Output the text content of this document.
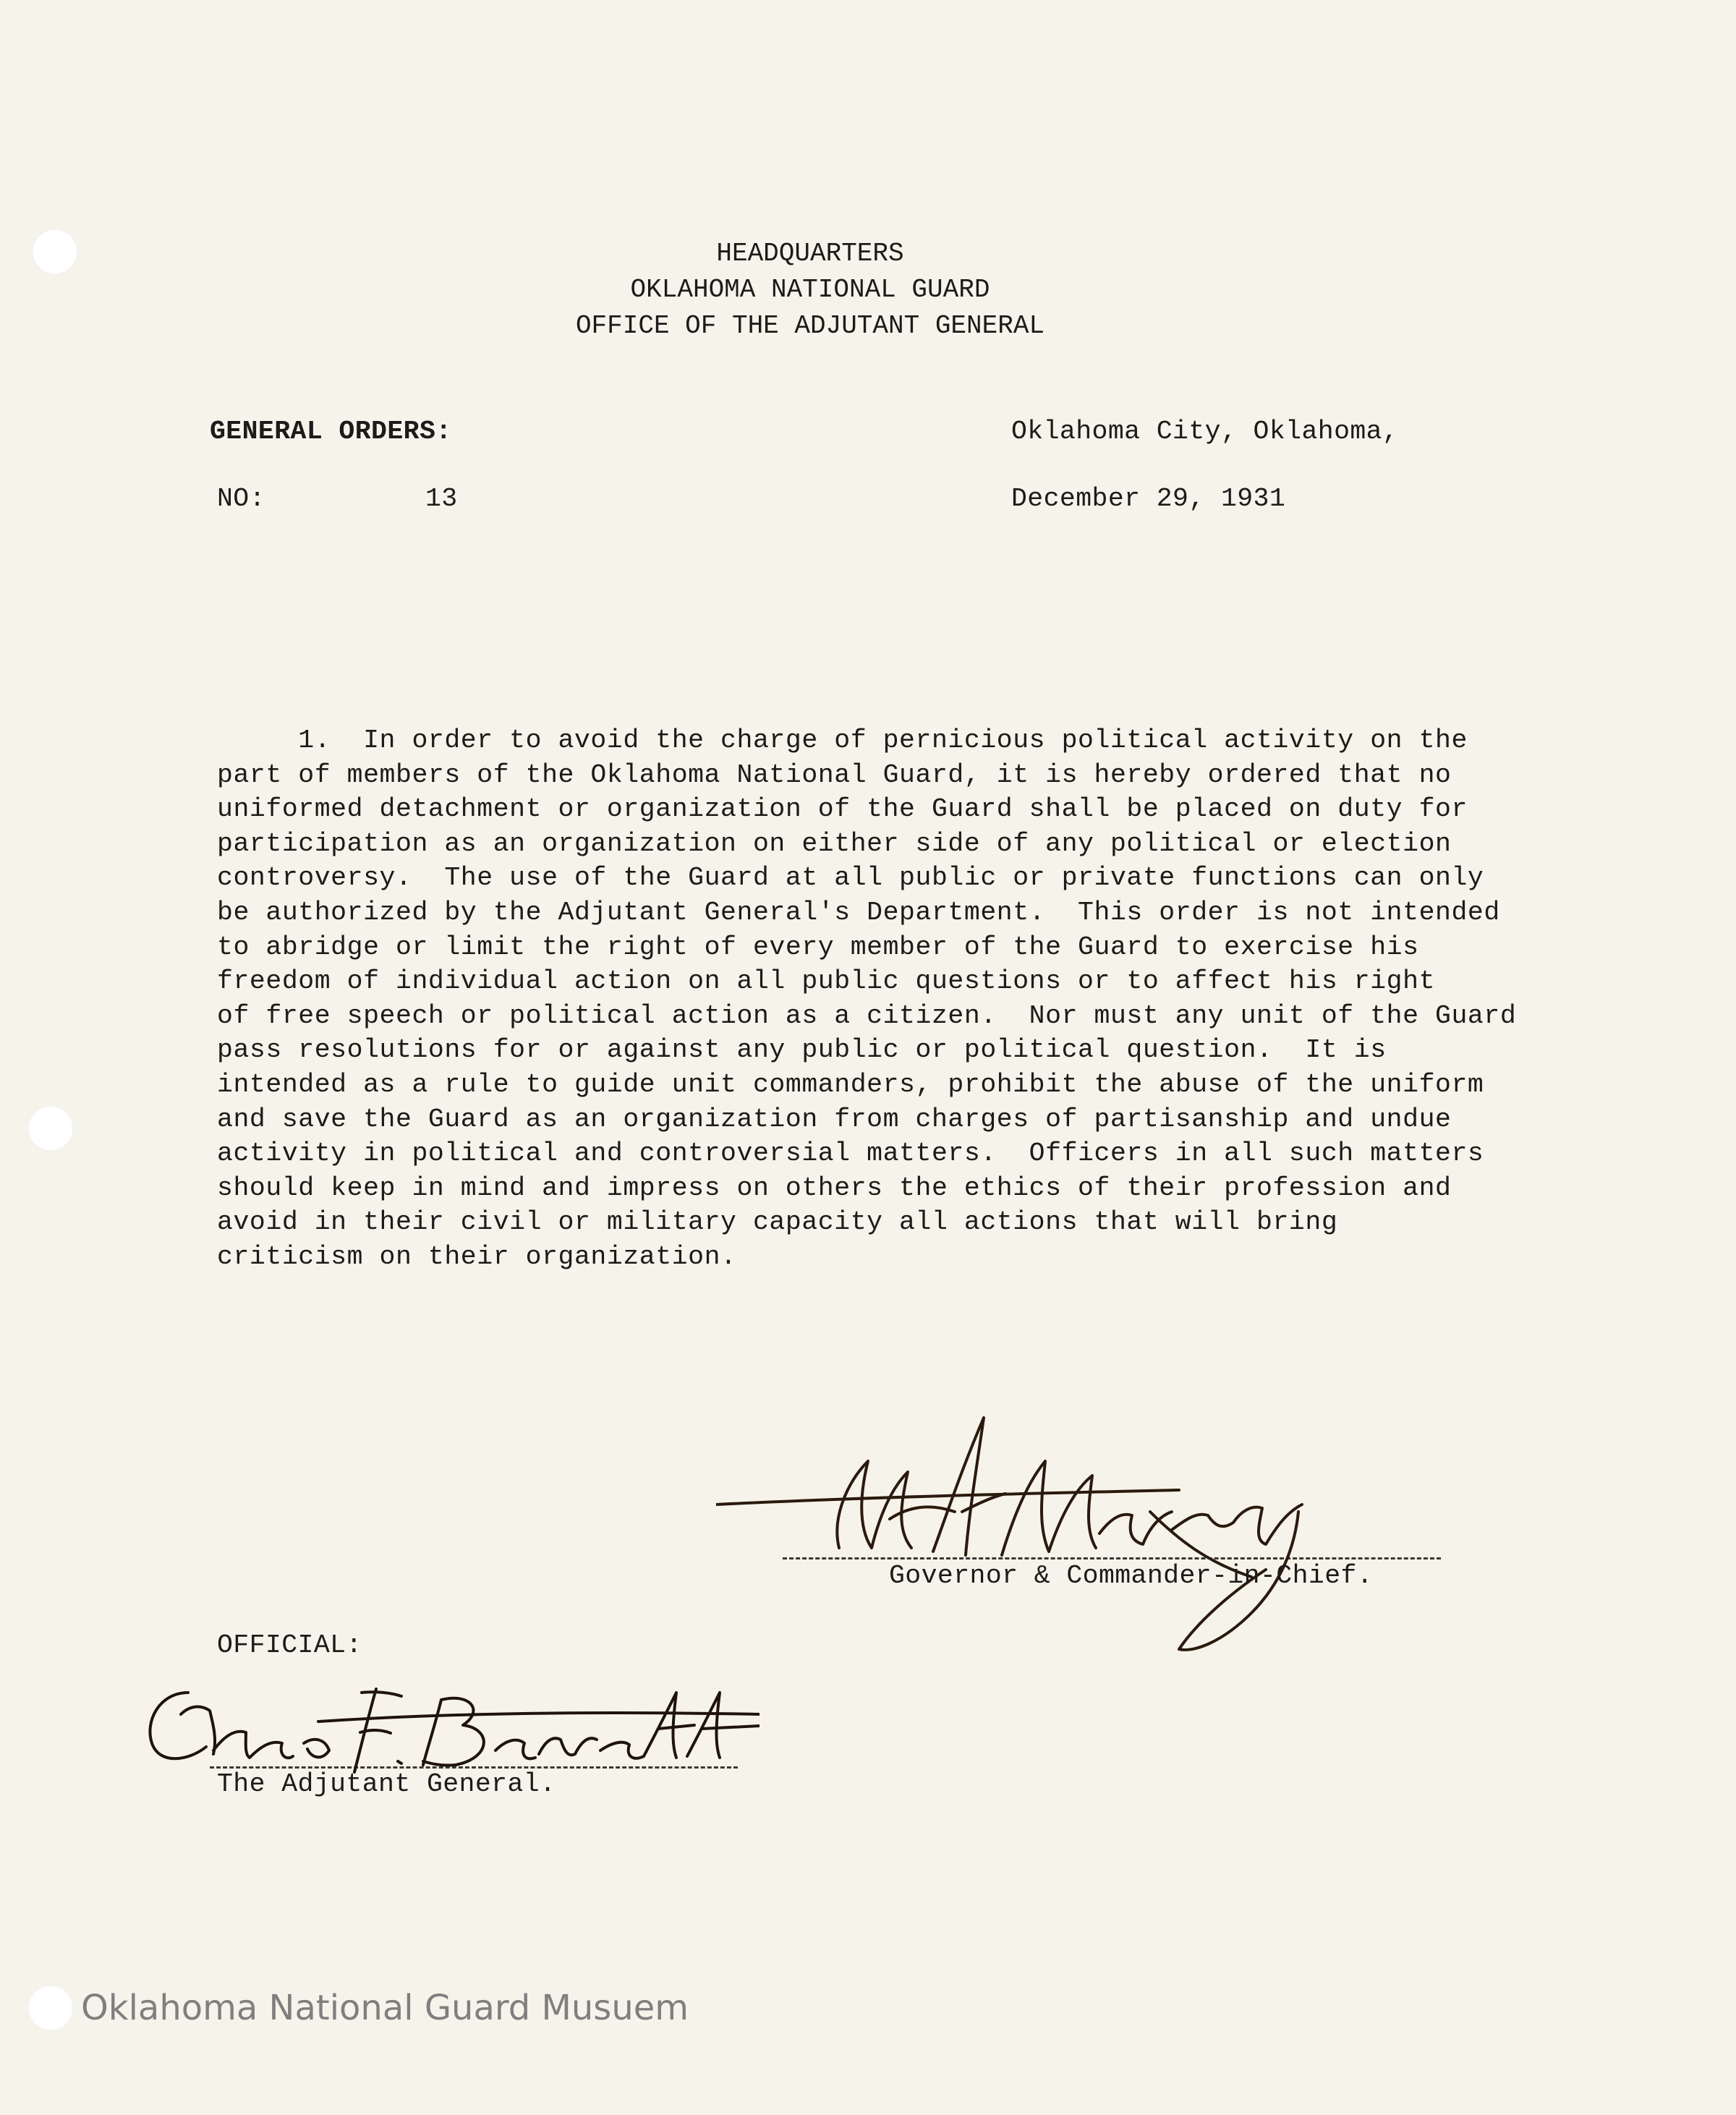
HEADQUARTERS
OKLAHOMA NATIONAL GUARD
OFFICE OF THE ADJUTANT GENERAL
GENERAL ORDERS:	Oklahoma City, Oklahoma,
NO:	13	December 29, 1931
1.  In order to avoid the charge of pernicious political activity on the
part of members of the Oklahoma National Guard, it is hereby ordered that no
uniformed detachment or organization of the Guard shall be placed on duty for
participation as an organization on either side of any political or election
controversy.  The use of the Guard at all public or private functions can only
be authorized by the Adjutant General's Department.  This order is not intended
to abridge or limit the right of every member of the Guard to exercise his
freedom of individual action on all public questions or to affect his right
of free speech or political action as a citizen.  Nor must any unit of the Guard
pass resolutions for or against any public or political question.  It is
intended as a rule to guide unit commanders, prohibit the abuse of the uniform
and save the Guard as an organization from charges of partisanship and undue
activity in political and controversial matters.  Officers in all such matters
should keep in mind and impress on others the ethics of their profession and
avoid in their civil or military capacity all actions that will bring
criticism on their organization.
Governor & Commander-in-Chief.
OFFICIAL:
The Adjutant General.
Oklahoma National Guard Musuem
